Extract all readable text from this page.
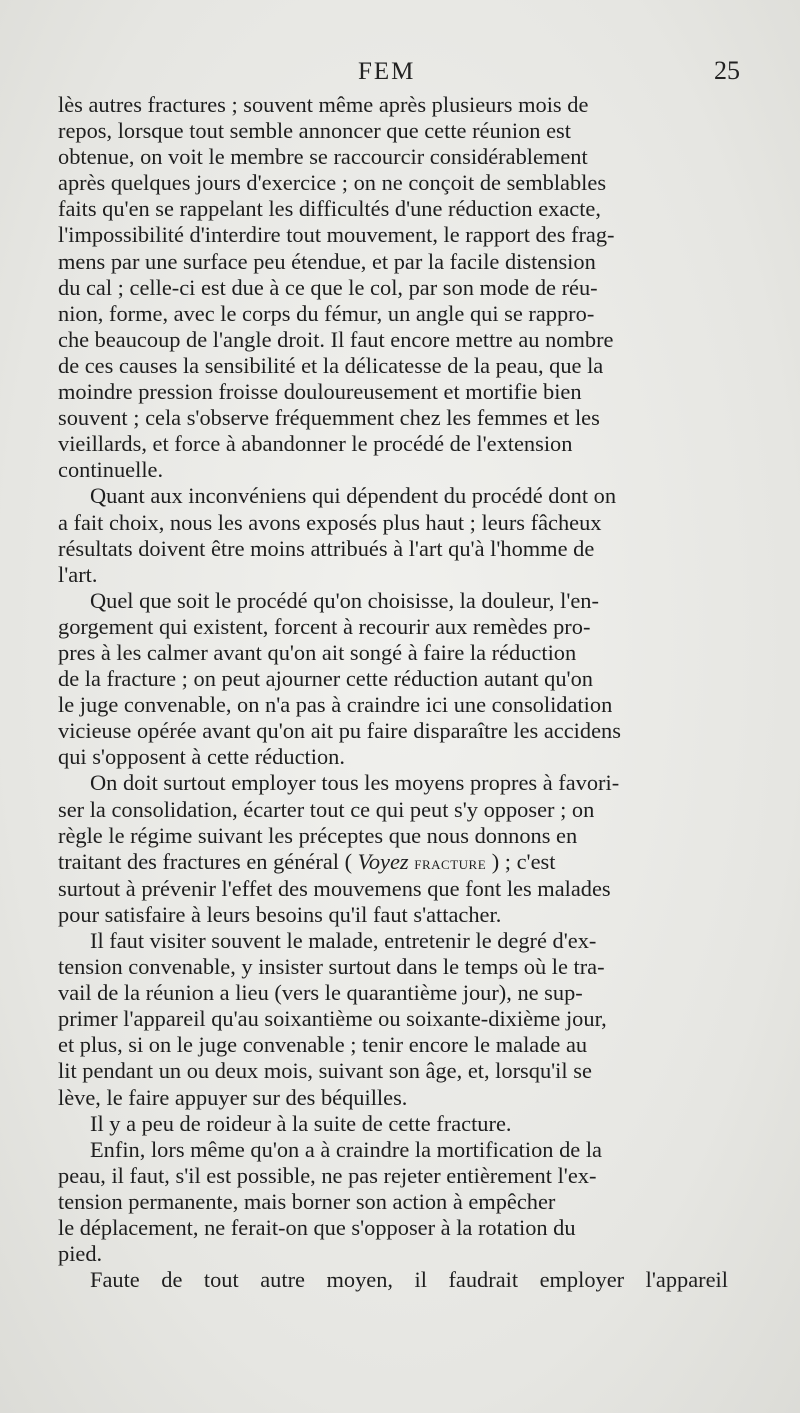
FEM	25

lès autres fractures ; souvent même après plusieurs mois de
repos, lorsque tout semble annoncer que cette réunion est
obtenue, on voit le membre se raccourcir considérablement
après quelques jours d'exercice ; on ne conçoit de semblables
faits qu'en se rappelant les difficultés d'une réduction exacte,
l'impossibilité d'interdire tout mouvement, le rapport des frag-
mens par une surface peu étendue, et par la facile distension
du cal ; celle-ci est due à ce que le col, par son mode de réu-
nion, forme, avec le corps du fémur, un angle qui se rappro-
che beaucoup de l'angle droit. Il faut encore mettre au nombre
de ces causes la sensibilité et la délicatesse de la peau, que la
moindre pression froisse douloureusement et mortifie bien
souvent ; cela s'observe fréquemment chez les femmes et les
vieillards, et force à abandonner le procédé de l'extension
continuelle.

Quant aux inconvéniens qui dépendent du procédé dont on
a fait choix, nous les avons exposés plus haut ; leurs fâcheux
résultats doivent être moins attribués à l'art qu'à l'homme de
l'art.

Quel que soit le procédé qu'on choisisse, la douleur, l'en-
gorgement qui existent, forcent à recourir aux remèdes pro-
pres à les calmer avant qu'on ait songé à faire la réduction
de la fracture ; on peut ajourner cette réduction autant qu'on
le juge convenable, on n'a pas à craindre ici une consolidation
vicieuse opérée avant qu'on ait pu faire disparaître les accidens
qui s'opposent à cette réduction.

On doit surtout employer tous les moyens propres à favori-
ser la consolidation, écarter tout ce qui peut s'y opposer ; on
règle le régime suivant les préceptes que nous donnons en
traitant des fractures en général ( Voyez fracture ) ; c'est
surtout à prévenir l'effet des mouvemens que font les malades
pour satisfaire à leurs besoins qu'il faut s'attacher.

Il faut visiter souvent le malade, entretenir le degré d'ex-
tension convenable, y insister surtout dans le temps où le tra-
vail de la réunion a lieu (vers le quarantième jour), ne sup-
primer l'appareil qu'au soixantième ou soixante-dixième jour,
et plus, si on le juge convenable ; tenir encore le malade au
lit pendant un ou deux mois, suivant son âge, et, lorsqu'il se
lève, le faire appuyer sur des béquilles.

Il y a peu de roideur à la suite de cette fracture.

Enfin, lors même qu'on a à craindre la mortification de la
peau, il faut, s'il est possible, ne pas rejeter entièrement l'ex-
tension permanente, mais borner son action à empêcher
le déplacement, ne ferait-on que s'opposer à la rotation du
pied.

Faute de tout autre moyen, il faudrait employer l'appareil
